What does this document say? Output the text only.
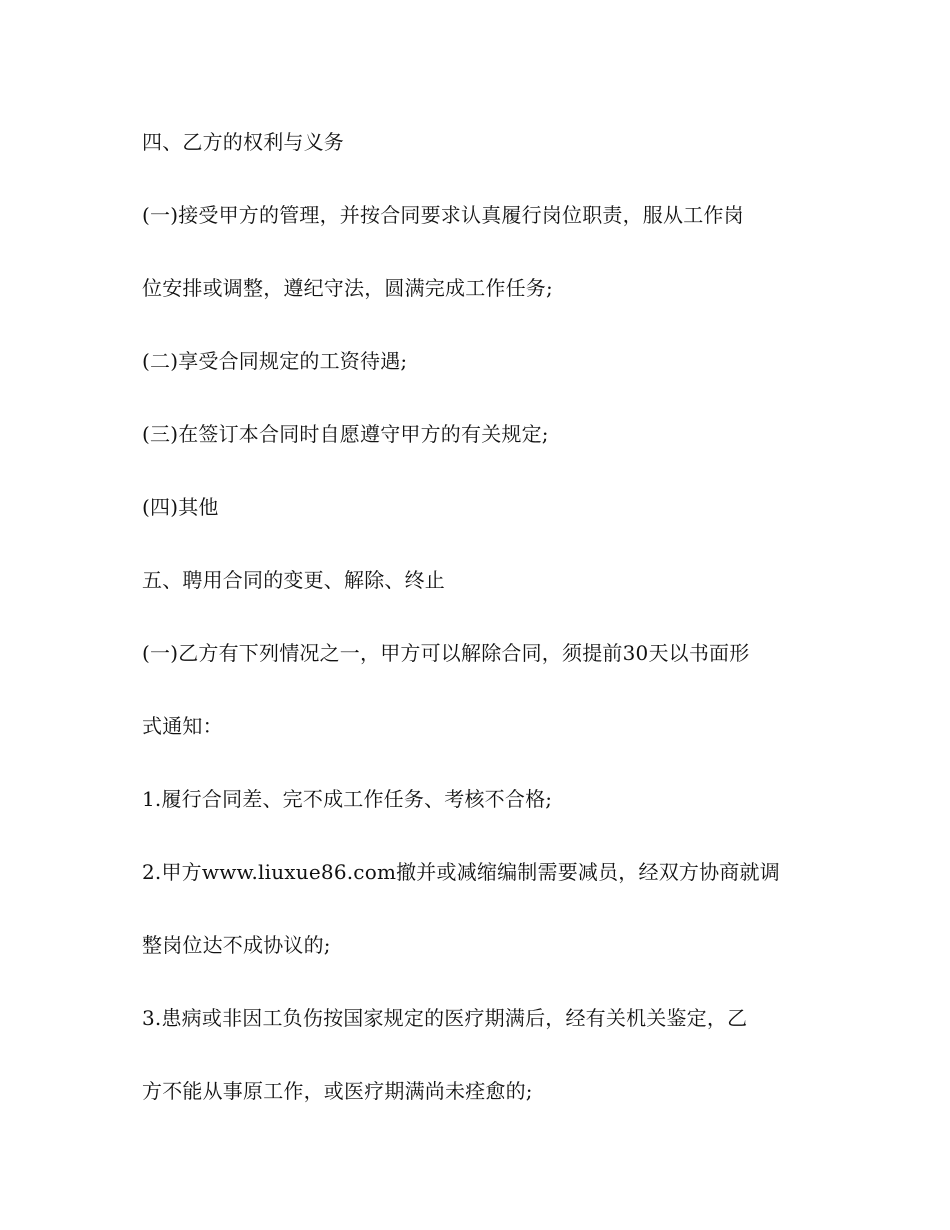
四、乙方的权利与义务

(一)接受甲方的管理，并按合同要求认真履行岗位职责，服从工作岗

位安排或调整，遵纪守法，圆满完成工作任务;

(二)享受合同规定的工资待遇;

(三)在签订本合同时自愿遵守甲方的有关规定;

(四)其他

五、聘用合同的变更、解除、终止

(一)乙方有下列情况之一，甲方可以解除合同，须提前30天以书面形

式通知：

1.履行合同差、完不成工作任务、考核不合格;

2.甲方www.liuxue86.com撤并或减缩编制需要减员，经双方协商就调

整岗位达不成协议的;

3.患病或非因工负伤按国家规定的医疗期满后，经有关机关鉴定，乙

方不能从事原工作，或医疗期满尚未痊愈的;
